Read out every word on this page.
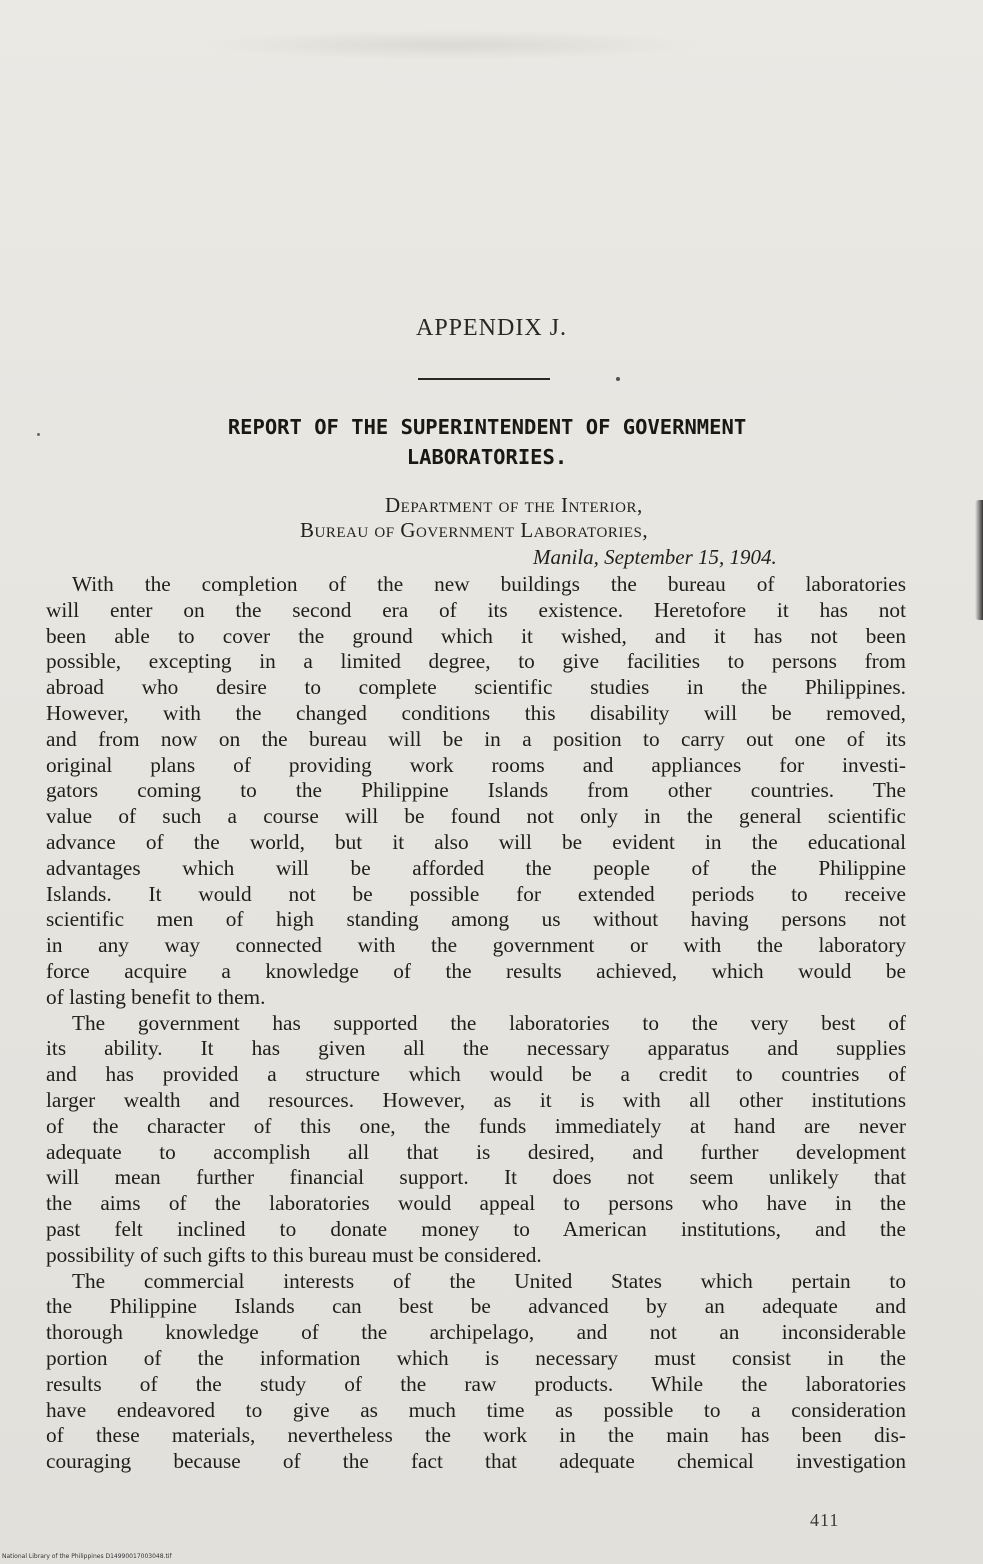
APPENDIX J.
REPORT OF THE SUPERINTENDENT OF GOVERNMENT
LABORATORIES.
Department of the Interior,
Bureau of Government Laboratories,
Manila, September 15, 1904.
With the completion of the new buildings the bureau of laboratories
will enter on the second era of its existence. Heretofore it has not
been able to cover the ground which it wished, and it has not been
possible, excepting in a limited degree, to give facilities to persons from
abroad who desire to complete scientific studies in the Philippines.
However, with the changed conditions this disability will be removed,
and from now on the bureau will be in a position to carry out one of its
original plans of providing work rooms and appliances for investi-
gators coming to the Philippine Islands from other countries. The
value of such a course will be found not only in the general scientific
advance of the world, but it also will be evident in the educational
advantages which will be afforded the people of the Philippine
Islands. It would not be possible for extended periods to receive
scientific men of high standing among us without having persons not
in any way connected with the government or with the laboratory
force acquire a knowledge of the results achieved, which would be
of lasting benefit to them.
The government has supported the laboratories to the very best of
its ability. It has given all the necessary apparatus and supplies
and has provided a structure which would be a credit to countries of
larger wealth and resources. However, as it is with all other institutions
of the character of this one, the funds immediately at hand are never
adequate to accomplish all that is desired, and further development
will mean further financial support. It does not seem unlikely that
the aims of the laboratories would appeal to persons who have in the
past felt inclined to donate money to American institutions, and the
possibility of such gifts to this bureau must be considered.
The commercial interests of the United States which pertain to
the Philippine Islands can best be advanced by an adequate and
thorough knowledge of the archipelago, and not an inconsiderable
portion of the information which is necessary must consist in the
results of the study of the raw products. While the laboratories
have endeavored to give as much time as possible to a consideration
of these materials, nevertheless the work in the main has been dis-
couraging because of the fact that adequate chemical investigation
411
National Library of the Philippines D14990017003048.tif
